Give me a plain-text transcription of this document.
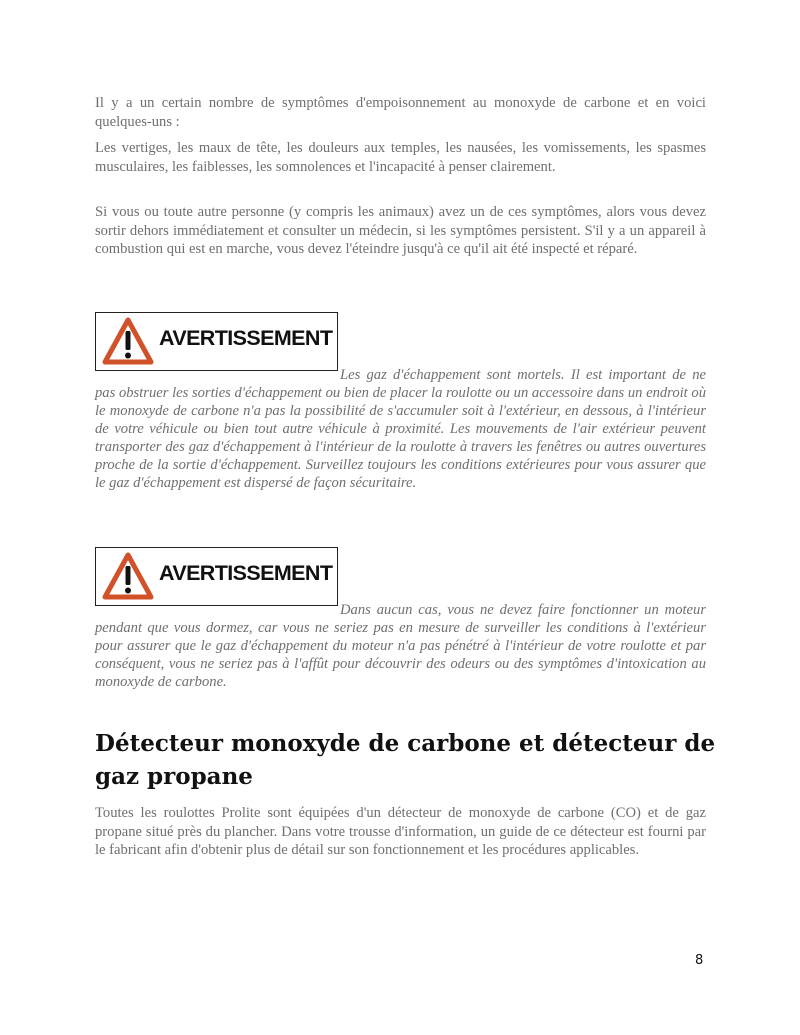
Il y a un certain nombre de symptômes d'empoisonnement au monoxyde de carbone et en voici quelques-uns :

Les vertiges, les maux de tête, les douleurs aux temples, les nausées, les vomissements, les spasmes musculaires, les faiblesses, les somnolences et l'incapacité à penser clairement.

Si vous ou toute autre personne (y compris les animaux) avez un de ces symptômes, alors vous devez sortir dehors immédiatement et consulter un médecin, si les symptômes persistent. S'il y a un appareil à combustion qui est en marche, vous devez l'éteindre jusqu'à ce qu'il ait été inspecté et réparé.

AVERTISSEMENT

Les gaz d'échappement sont mortels. Il est important de ne pas obstruer les sorties d'échappement ou bien de placer la roulotte ou un accessoire dans un endroit où le monoxyde de carbone n'a pas la possibilité de s'accumuler soit à l'extérieur, en dessous, à l'intérieur de votre véhicule ou bien tout autre véhicule à proximité. Les mouvements de l'air extérieur peuvent transporter des gaz d'échappement à l'intérieur de la roulotte à travers les fenêtres ou autres ouvertures proche de la sortie d'échappement. Surveillez toujours les conditions extérieures pour vous assurer que le gaz d'échappement est dispersé de façon sécuritaire.

AVERTISSEMENT

Dans aucun cas, vous ne devez faire fonctionner un moteur pendant que vous dormez, car vous ne seriez pas en mesure de surveiller les conditions à l'extérieur pour assurer que le gaz d'échappement du moteur n'a pas pénétré à l'intérieur de votre roulotte et par conséquent, vous ne seriez pas à l'affût pour découvrir des odeurs ou des symptômes d'intoxication au monoxyde de carbone.

Détecteur monoxyde de carbone et détecteur de gaz propane

Toutes les roulottes Prolite sont équipées d'un détecteur de monoxyde de carbone (CO) et de gaz propane situé près du plancher. Dans votre trousse d'information, un guide de ce détecteur est fourni par le fabricant afin d'obtenir plus de détail sur son fonctionnement et les procédures applicables.

8
